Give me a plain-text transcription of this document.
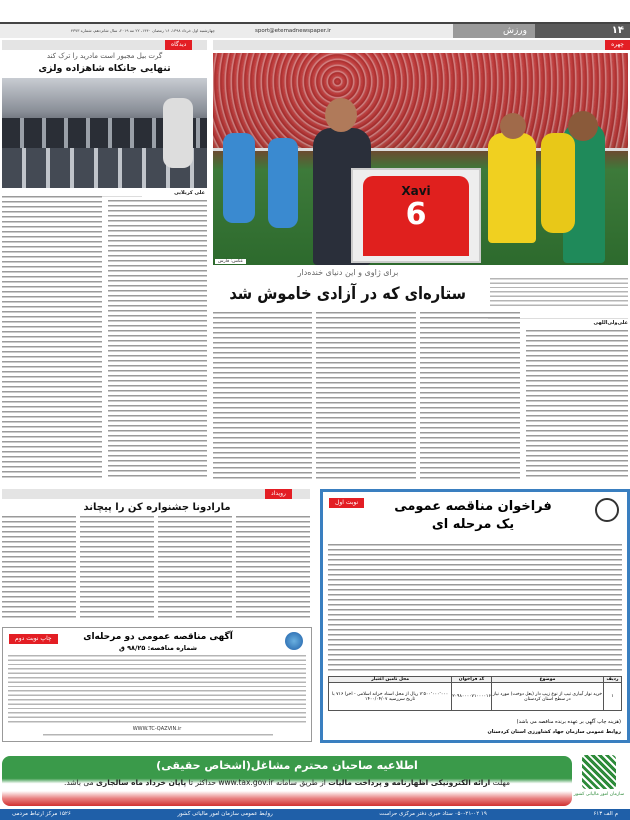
۱۴
ورزش
sport@etemadnewspaper.ir
چهارشنبه اول خرداد ۱۳۹۸، ۱۶ رمضان ۱۴۴۰، ۲۲ مه ۲۰۱۹، سال شانزدهم، شماره ۴۳۷۳
چهره
Xavi
6
عکس: فارس
برای ژاوی و این دنیای خنده‌دار
علی‌ولی‌اللهی
ستاره‌ای که در آزادی خاموش شد
دیدگاه
گرت بیل مجبور است مادرید را ترک کند
تنهایی جانکاه شاهزاده ولزی
علی کربلایی
رویداد
مارادونا جشنواره کن را پیچاند
چاپ نوبت دوم	آگهی مناقصه عمومی دو مرحله‌ای
شماره مناقصه: ۹۸/۲۵ ق
WWW.TC-QAZVIN.ir
نوبت اول	فراخوان مناقصه عمومی
یک مرحله ای
ردیف	موضوع	کد فراخوان	محل تامین اعتبار
۱	خرید نوار آبیاری تیپ از نوع زیپ دار (بعل دوخت) مورد نیاز در سطح استان کردستان	۲۰۹۸۰۰۰۰۷۱۰۰۰۰۱۶	۷٬۵۰۰٬۰۰۰٬۰۰۰ ریال از محل اسناد خزانه اسلامی - اخزا ۷۱۶ با تاریخ سررسید ۱۴۰۰/۰۴/۰۷
(هزینه چاپ آگهی بر عهده برنده مناقصه می باشد)
روابط عمومی سازمان جهاد کشاورزی استان کردستان
سازمان امور مالیاتی کشور
اطلاعیه صاحبان محترم مشاغل(اشخاص حقیقی)
مهلت ارائه الکترونیکی اظهارنامه و پرداخت مالیات از طریق سامانه www.tax.gov.ir حداکثر تا پایان خرداد ماه سالجاری می باشد.
م الف ۶۱۳
۱۹ ۰۵۰-۲۱-۰۲ ستاد خبری دفتر مرکزی حراست
روابط عمومی سازمان امور مالیاتی کشور
۱۵۲۶ مرکز ارتباط مردمی
